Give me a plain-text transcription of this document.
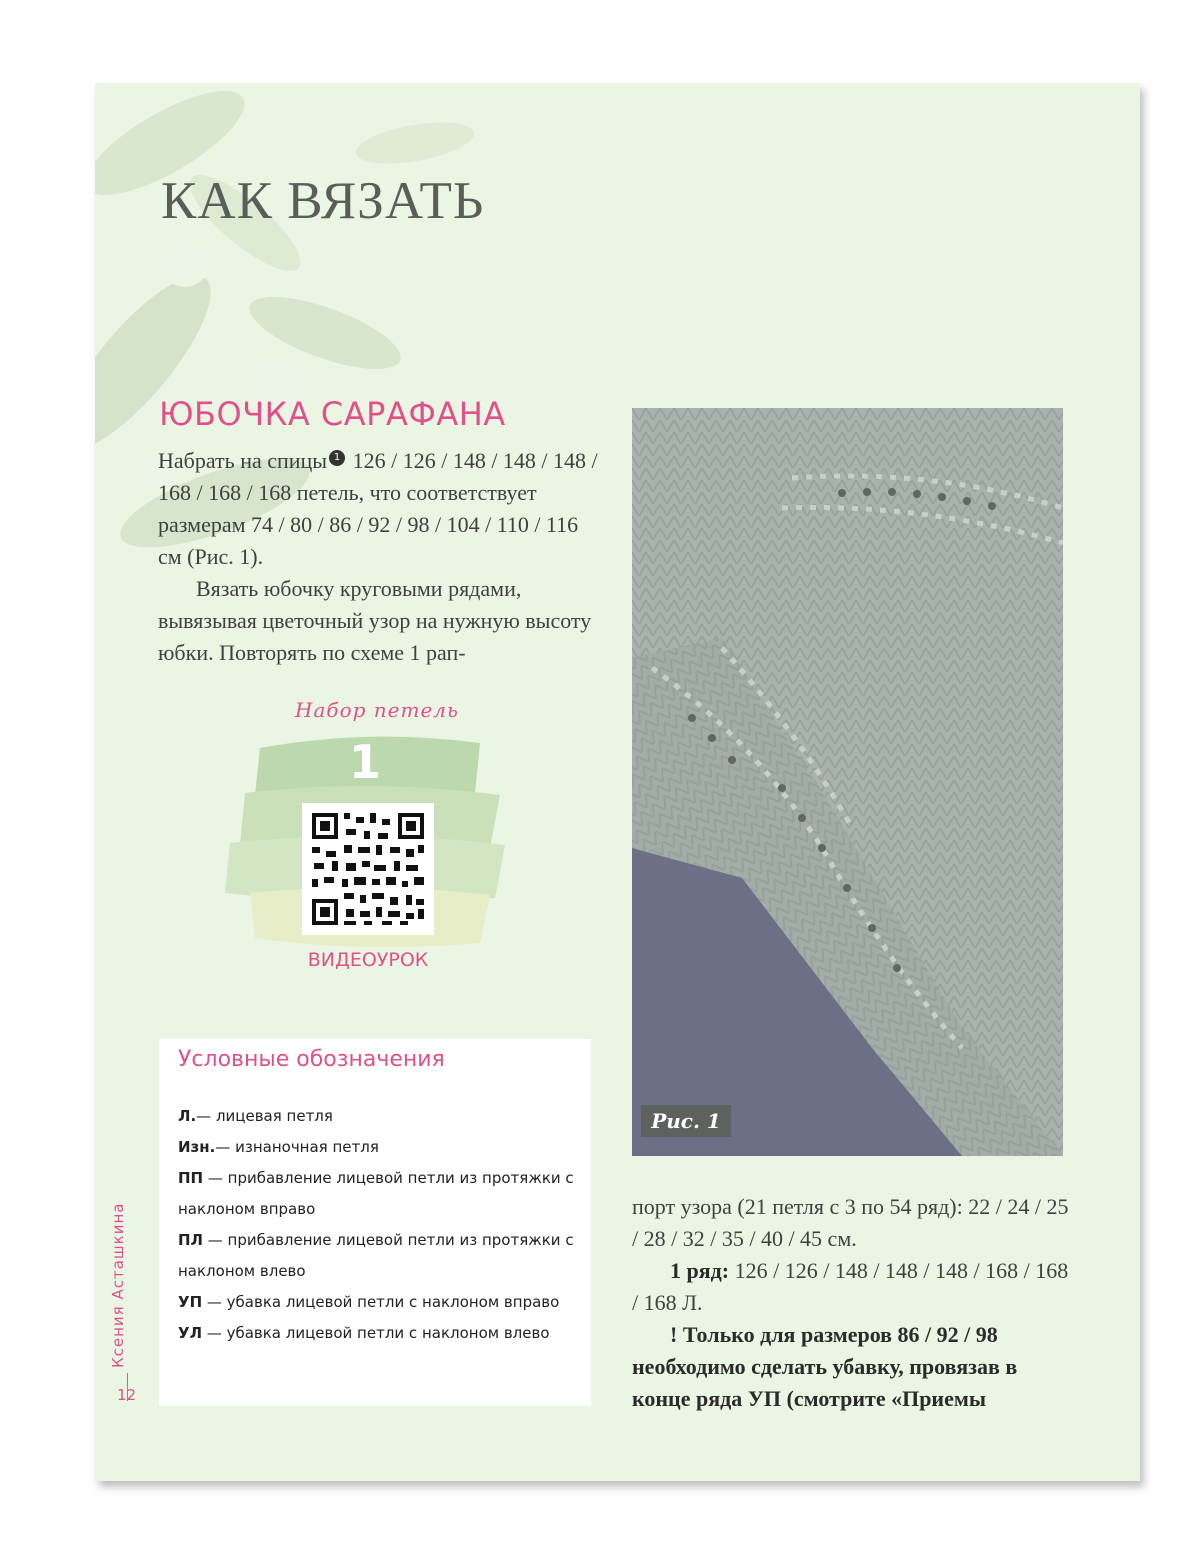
КАК ВЯЗАТЬ
ЮБОЧКА САРАФАНА

Набрать на спицы 1 126 / 126 / 148 / 148 / 148 / 168 / 168 / 168 петель, что соответствует размерам 74 / 80 / 86 / 92 / 98 / 104 / 110 / 116 см (Рис. 1).

Вязать юбочку круговыми рядами, вывязывая цветочный узор на нужную высоту юбки. Повторять по схеме 1 рап-

Набор петель
1
ВИДЕОУРОК
Условные обозначения
Л.— лицевая петля
Изн.— изнаночная петля
ПП — прибавление лицевой петли из протяжки с наклоном вправо
ПЛ — прибавление лицевой петли из протяжки с наклоном влево
УП — убавка лицевой петли с наклоном вправо
УЛ — убавка лицевой петли с наклоном влево
Рис. 1

порт узора (21 петля с 3 по 54 ряд): 22 / 24 / 25 / 28 / 32 / 35 / 40 / 45 см.

1 ряд: 126 / 126 / 148 / 148 / 148 / 168 / 168 / 168 Л.

! Только для размеров 86 / 92 / 98 необходимо сделать убавку, провязав в конце ряда УП (смотрите «Приемы

Ксения Асташкина
12
